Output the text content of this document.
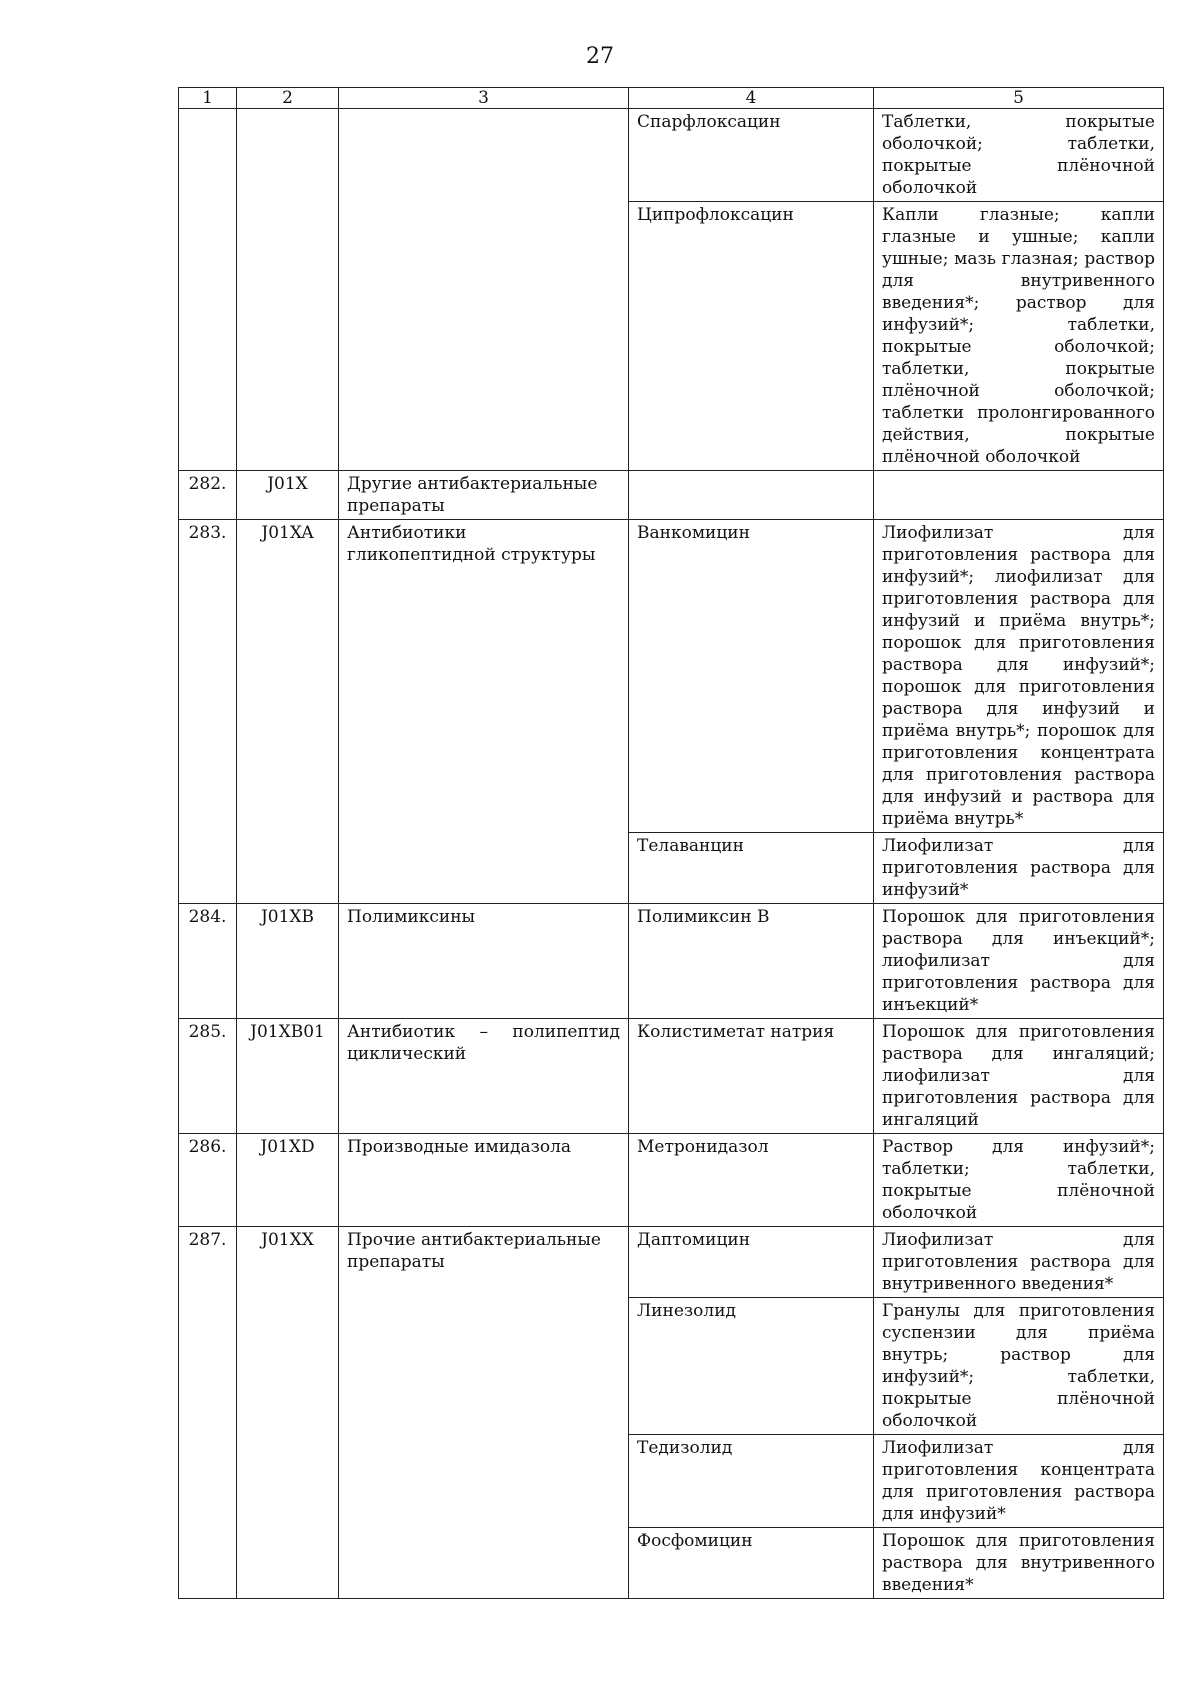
27
1	2	3	4	5
			Спарфлоксацин	Таблетки, покрытые оболочкой; таблетки, покрытые плёночной оболочкой
			Ципрофлоксацин	Капли глазные; капли глазные и ушные; капли ушные; мазь глазная; раствор для внутривенного введения*; раствор для инфузий*; таблетки, покрытые оболочкой; таблетки, покрытые плёночной оболочкой; таблетки пролонгированного действия, покрытые плёночной оболочкой
282.	J01X	Другие антибактериальные препараты		
283.	J01XA	Антибиотики гликопептидной структуры	Ванкомицин	Лиофилизат для приготовления раствора для инфузий*; лиофилизат для приготовления раствора для инфузий и приёма внутрь*; порошок для приготовления раствора для инфузий*; порошок для приготовления раствора для инфузий и приёма внутрь*; порошок для приготовления концентрата для приготовления раствора для инфузий и раствора для приёма внутрь*
			Телаванцин	Лиофилизат для приготовления раствора для инфузий*
284.	J01XB	Полимиксины	Полимиксин В	Порошок для приготовления раствора для инъекций*; лиофилизат для приготовления раствора для инъекций*
285.	J01XB01	Антибиотик – полипептид циклический	Колистиметат натрия	Порошок для приготовления раствора для ингаляций; лиофилизат для приготовления раствора для ингаляций
286.	J01XD	Производные имидазола	Метронидазол	Раствор для инфузий*; таблетки; таблетки, покрытые плёночной оболочкой
287.	J01XX	Прочие антибактериальные препараты	Даптомицин	Лиофилизат для приготовления раствора для внутривенного введения*
			Линезолид	Гранулы для приготовления суспензии для приёма внутрь; раствор для инфузий*; таблетки, покрытые плёночной оболочкой
			Тедизолид	Лиофилизат для приготовления концентрата для приготовления раствора для инфузий*
			Фосфомицин	Порошок для приготовления раствора для внутривенного введения*
